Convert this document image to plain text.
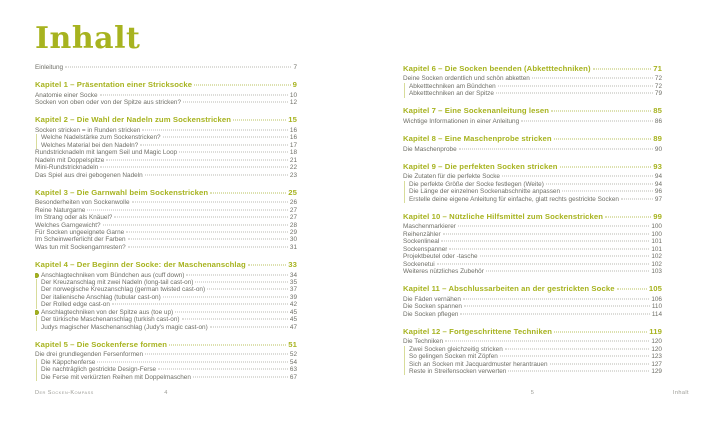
Inhalt
Einleitung	7
Kapitel 1 – Präsentation einer Stricksocke	9
Anatomie einer Socke	10
Socken von oben oder von der Spitze aus stricken?	12
Kapitel 2 – Die Wahl der Nadeln zum Sockenstricken	15
Socken stricken = in Runden stricken	16
Welche Nadelstärke zum Sockenstricken?	16
Welches Material bei den Nadeln?	17
Rundstricknadeln mit langem Seil und Magic Loop	18
Nadeln mit Doppelspitze	21
Mini-Rundstricknadeln	22
Das Spiel aus drei gebogenen Nadeln	23
Kapitel 3 – Die Garnwahl beim Sockenstricken	25
Besonderheiten von Sockenwolle	26
Reine Naturgarne	27
Im Strang oder als Knäuel?	27
Welches Garngewicht?	28
Für Socken ungeeignete Garne	29
Im Scheinwerferlicht der Farben	30
Was tun mit Sockengarnresten?	31
Kapitel 4 – Der Beginn der Socke: der Maschenanschlag	33
Anschlagtechniken vom Bündchen aus (cuff down)	34
Der Kreuzanschlag mit zwei Nadeln (long-tail cast-on)	35
Der norwegische Kreuzanschlag (german twisted cast-on)	37
Der italienische Anschlag (tubular cast-on)	39
Der Rolled edge cast-on	42
Anschlagtechniken von der Spitze aus (toe up)	45
Der türkische Maschenanschlag (turkish cast-on)	45
Judys magischer Maschenanschlag (Judy's magic cast-on)	47
Kapitel 5 – Die Sockenferse formen	51
Die drei grundlegenden Fersenformen	52
Die Käppchenferse	54
Die nachträglich gestrickte Design-Ferse	63
Die Ferse mit verkürzten Reihen mit Doppelmaschen	67
Kapitel 6 – Die Socken beenden (Abketttechniken)	71
Deine Socken ordentlich und schön abketten	72
Abketttechniken am Bündchen	72
Abketttechniken an der Spitze	79
Kapitel 7 – Eine Sockenanleitung lesen	85
Wichtige Informationen in einer Anleitung	86
Kapitel 8 – Eine Maschenprobe stricken	89
Die Maschenprobe	90
Kapitel 9 – Die perfekten Socken stricken	93
Die Zutaten für die perfekte Socke	94
Die perfekte Größe der Socke festlegen (Weite)	94
Die Länge der einzelnen Sockenabschnitte anpassen	96
Erstelle deine eigene Anleitung für einfache, glatt rechts gestrickte Socken	97
Kapitel 10 – Nützliche Hilfsmittel zum Sockenstricken	99
Maschenmarkierer	100
Reihenzähler	100
Sockenlineal	101
Sockenspanner	101
Projektbeutel oder -tasche	102
Sockenetui	102
Weiteres nützliches Zubehör	103
Kapitel 11 – Abschlussarbeiten an der gestrickten Socke	105
Die Fäden vernähen	106
Die Socken spannen	110
Die Socken pflegen	114
Kapitel 12 – Fortgeschrittene Techniken	119
Die Techniken	120
Zwei Socken gleichzeitig stricken	120
So gelingen Socken mit Zöpfen	123
Sich an Socken mit Jacquardmuster herantrauen	127
Reste in Streifensocken verwerten	129
Der Socken-Kompass	4	5	Inhalt
